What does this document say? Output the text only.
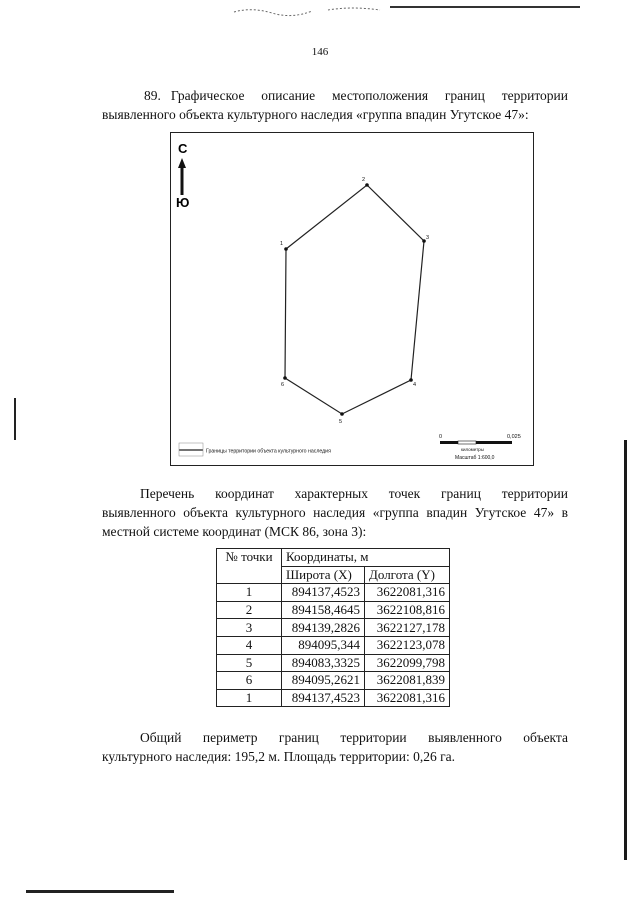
146
89. Графическое описание местоположения границ территории выявленного объекта культурного наследия «группа впадин Угутское 47»:
С
Ю
1
2
3
4
5
6
Границы территории объекта культурного наследия
0	0,025
километры
Масштаб 1:600,0

Перечень координат характерных точек границ территории

выявленного объекта культурного наследия «группа впадин Угутское 47» в

местной системе координат (МСК 86, зона 3):

№ точки	Координаты, м	
	Широта (X)	Долгота (Y)
1	894137,4523	3622081,316
2	894158,4645	3622108,816
3	894139,2826	3622127,178
4	894095,344	3622123,078
5	894083,3325	3622099,798
6	894095,2621	3622081,839
1	894137,4523	3622081,316

Общий периметр границ территории выявленного объекта

культурного наследия: 195,2 м. Площадь территории: 0,26 га.
